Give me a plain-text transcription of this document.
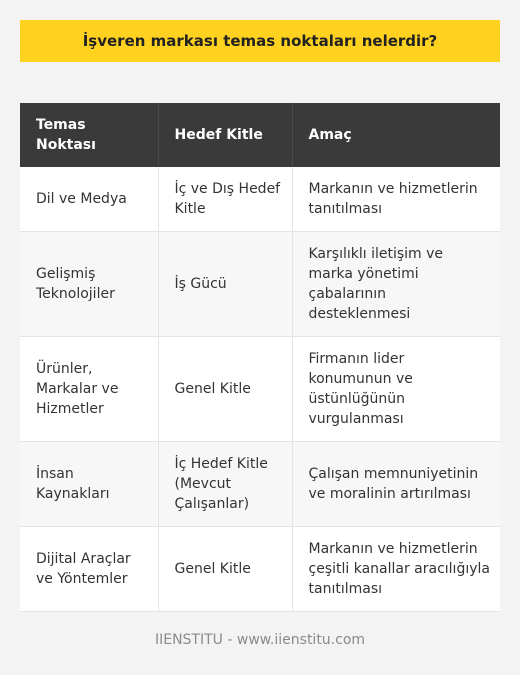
İşveren markası temas noktaları nelerdir?
Temas Noktası	Hedef Kitle	Amaç
Dil ve Medya	İç ve Dış Hedef Kitle	Markanın ve hizmetlerin tanıtılması
Gelişmiş Teknolojiler	İş Gücü	Karşılıklı iletişim ve marka yönetimi çabalarının desteklenmesi
Ürünler, Markalar ve Hizmetler	Genel Kitle	Firmanın lider konumunun ve üstünlüğünün vurgulanması
İnsan Kaynakları	İç Hedef Kitle (Mevcut Çalışanlar)	Çalışan memnuniyetinin ve moralinin artırılması
Dijital Araçlar ve Yöntemler	Genel Kitle	Markanın ve hizmetlerin çeşitli kanallar aracılığıyla tanıtılması
IIENSTITU - www.iienstitu.com
